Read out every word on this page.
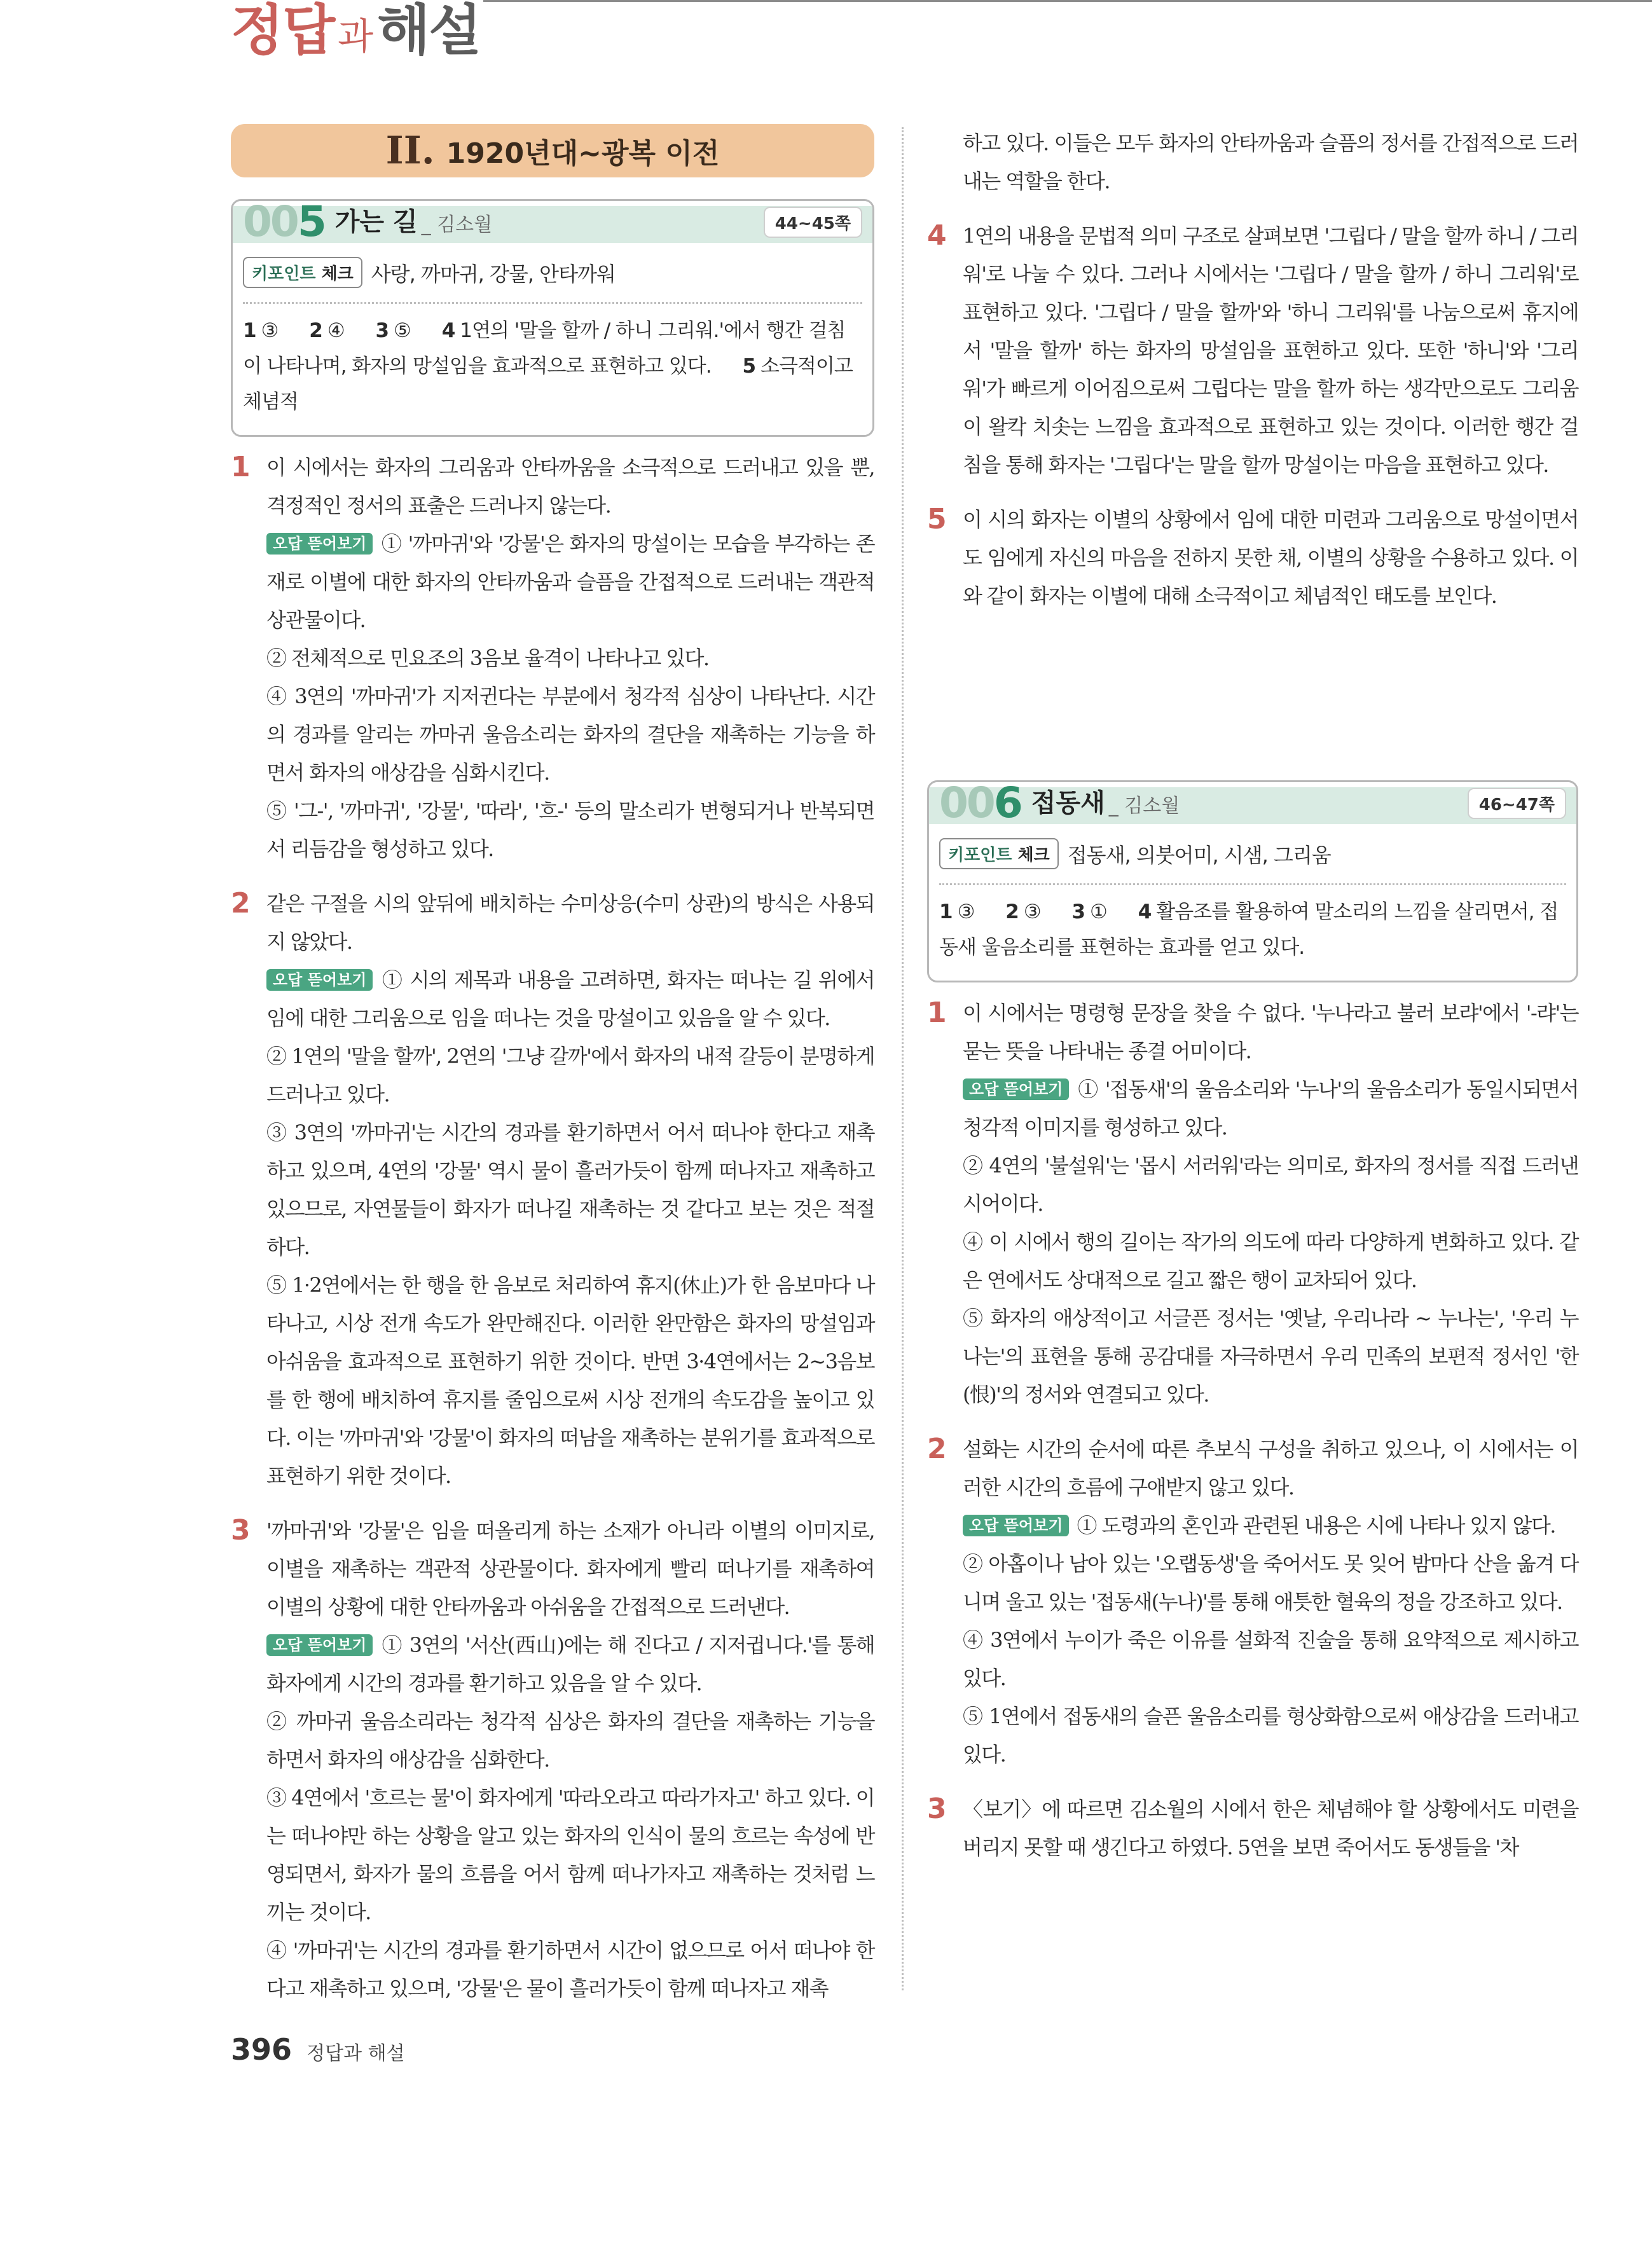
정답 과해설
II. 1920년대~광복 이전
005 가는 길 _ 김소월	44~45쪽
키포인트 체크 사랑, 까마귀, 강물, 안타까워
1 ③ 2 ④ 3 ⑤ 4 1연의 '말을 할까 / 하니 그리워.'에서 행간 걸침이 나타나며, 화자의 망설임을 효과적으로 표현하고 있다. 5 소극적이고 체념적
1 이 시에서는 화자의 그리움과 안타까움을 소극적으로 드러내고 있을 뿐, 격정적인 정서의 표출은 드러나지 않는다.

오답 뜯어보기 ① '까마귀'와 '강물'은 화자의 망설이는 모습을 부각하는 존재로 이별에 대한 화자의 안타까움과 슬픔을 간접적으로 드러내는 객관적 상관물이다.

② 전체적으로 민요조의 3음보 율격이 나타나고 있다.

④ 3연의 '까마귀'가 지저귄다는 부분에서 청각적 심상이 나타난다. 시간의 경과를 알리는 까마귀 울음소리는 화자의 결단을 재촉하는 기능을 하면서 화자의 애상감을 심화시킨다.

⑤ '그-', '까마귀', '강물', '따라', '흐-' 등의 말소리가 변형되거나 반복되면서 리듬감을 형성하고 있다.

2 같은 구절을 시의 앞뒤에 배치하는 수미상응(수미 상관)의 방식은 사용되지 않았다.

오답 뜯어보기 ① 시의 제목과 내용을 고려하면, 화자는 떠나는 길 위에서 임에 대한 그리움으로 임을 떠나는 것을 망설이고 있음을 알 수 있다.

② 1연의 '말을 할까', 2연의 '그냥 갈까'에서 화자의 내적 갈등이 분명하게 드러나고 있다.

③ 3연의 '까마귀'는 시간의 경과를 환기하면서 어서 떠나야 한다고 재촉하고 있으며, 4연의 '강물' 역시 물이 흘러가듯이 함께 떠나자고 재촉하고 있으므로, 자연물들이 화자가 떠나길 재촉하는 것 같다고 보는 것은 적절하다.

⑤ 1·2연에서는 한 행을 한 음보로 처리하여 휴지(休止)가 한 음보마다 나타나고, 시상 전개 속도가 완만해진다. 이러한 완만함은 화자의 망설임과 아쉬움을 효과적으로 표현하기 위한 것이다. 반면 3·4연에서는 2~3음보를 한 행에 배치하여 휴지를 줄임으로써 시상 전개의 속도감을 높이고 있다. 이는 '까마귀'와 '강물'이 화자의 떠남을 재촉하는 분위기를 효과적으로 표현하기 위한 것이다.

3 '까마귀'와 '강물'은 임을 떠올리게 하는 소재가 아니라 이별의 이미지로, 이별을 재촉하는 객관적 상관물이다. 화자에게 빨리 떠나기를 재촉하여 이별의 상황에 대한 안타까움과 아쉬움을 간접적으로 드러낸다.

오답 뜯어보기 ① 3연의 '서산(西山)에는 해 진다고 / 지저귑니다.'를 통해 화자에게 시간의 경과를 환기하고 있음을 알 수 있다.

② 까마귀 울음소리라는 청각적 심상은 화자의 결단을 재촉하는 기능을 하면서 화자의 애상감을 심화한다.

③ 4연에서 '흐르는 물'이 화자에게 '따라오라고 따라가자고' 하고 있다. 이는 떠나야만 하는 상황을 알고 있는 화자의 인식이 물의 흐르는 속성에 반영되면서, 화자가 물의 흐름을 어서 함께 떠나가자고 재촉하는 것처럼 느끼는 것이다.

④ '까마귀'는 시간의 경과를 환기하면서 시간이 없으므로 어서 떠나야 한다고 재촉하고 있으며, '강물'은 물이 흘러가듯이 함께 떠나자고 재촉

하고 있다. 이들은 모두 화자의 안타까움과 슬픔의 정서를 간접적으로 드러내는 역할을 한다.

4 1연의 내용을 문법적 의미 구조로 살펴보면 '그립다 / 말을 할까 하니 / 그리워'로 나눌 수 있다. 그러나 시에서는 '그립다 / 말을 할까 / 하니 그리워'로 표현하고 있다. '그립다 / 말을 할까'와 '하니 그리워'를 나눔으로써 휴지에서 '말을 할까' 하는 화자의 망설임을 표현하고 있다. 또한 '하니'와 '그리워'가 빠르게 이어짐으로써 그립다는 말을 할까 하는 생각만으로도 그리움이 왈칵 치솟는 느낌을 효과적으로 표현하고 있는 것이다. 이러한 행간 걸침을 통해 화자는 '그립다'는 말을 할까 망설이는 마음을 표현하고 있다.

5 이 시의 화자는 이별의 상황에서 임에 대한 미련과 그리움으로 망설이면서도 임에게 자신의 마음을 전하지 못한 채, 이별의 상황을 수용하고 있다. 이와 같이 화자는 이별에 대해 소극적이고 체념적인 태도를 보인다.

006 접동새 _ 김소월	46~47쪽
키포인트 체크 접동새, 의붓어미, 시샘, 그리움
1 ③ 2 ③ 3 ① 4 활음조를 활용하여 말소리의 느낌을 살리면서, 접동새 울음소리를 표현하는 효과를 얻고 있다.
1 이 시에서는 명령형 문장을 찾을 수 없다. '누나라고 불러 보랴'에서 '-랴'는 묻는 뜻을 나타내는 종결 어미이다.

오답 뜯어보기 ① '접동새'의 울음소리와 '누나'의 울음소리가 동일시되면서 청각적 이미지를 형성하고 있다.

② 4연의 '불설워'는 '몹시 서러워'라는 의미로, 화자의 정서를 직접 드러낸 시어이다.

④ 이 시에서 행의 길이는 작가의 의도에 따라 다양하게 변화하고 있다. 같은 연에서도 상대적으로 길고 짧은 행이 교차되어 있다.

⑤ 화자의 애상적이고 서글픈 정서는 '옛날, 우리나라 ~ 누나는', '우리 누나는'의 표현을 통해 공감대를 자극하면서 우리 민족의 보편적 정서인 '한(恨)'의 정서와 연결되고 있다.

2 설화는 시간의 순서에 따른 추보식 구성을 취하고 있으나, 이 시에서는 이러한 시간의 흐름에 구애받지 않고 있다.

오답 뜯어보기 ① 도령과의 혼인과 관련된 내용은 시에 나타나 있지 않다.

② 아홉이나 남아 있는 '오랩동생'을 죽어서도 못 잊어 밤마다 산을 옮겨 다니며 울고 있는 '접동새(누나)'를 통해 애틋한 혈육의 정을 강조하고 있다.

④ 3연에서 누이가 죽은 이유를 설화적 진술을 통해 요약적으로 제시하고 있다.

⑤ 1연에서 접동새의 슬픈 울음소리를 형상화함으로써 애상감을 드러내고 있다.

3 〈보기〉에 따르면 김소월의 시에서 한은 체념해야 할 상황에서도 미련을 버리지 못할 때 생긴다고 하였다. 5연을 보면 죽어서도 동생들을 '차

396 정답과 해설
